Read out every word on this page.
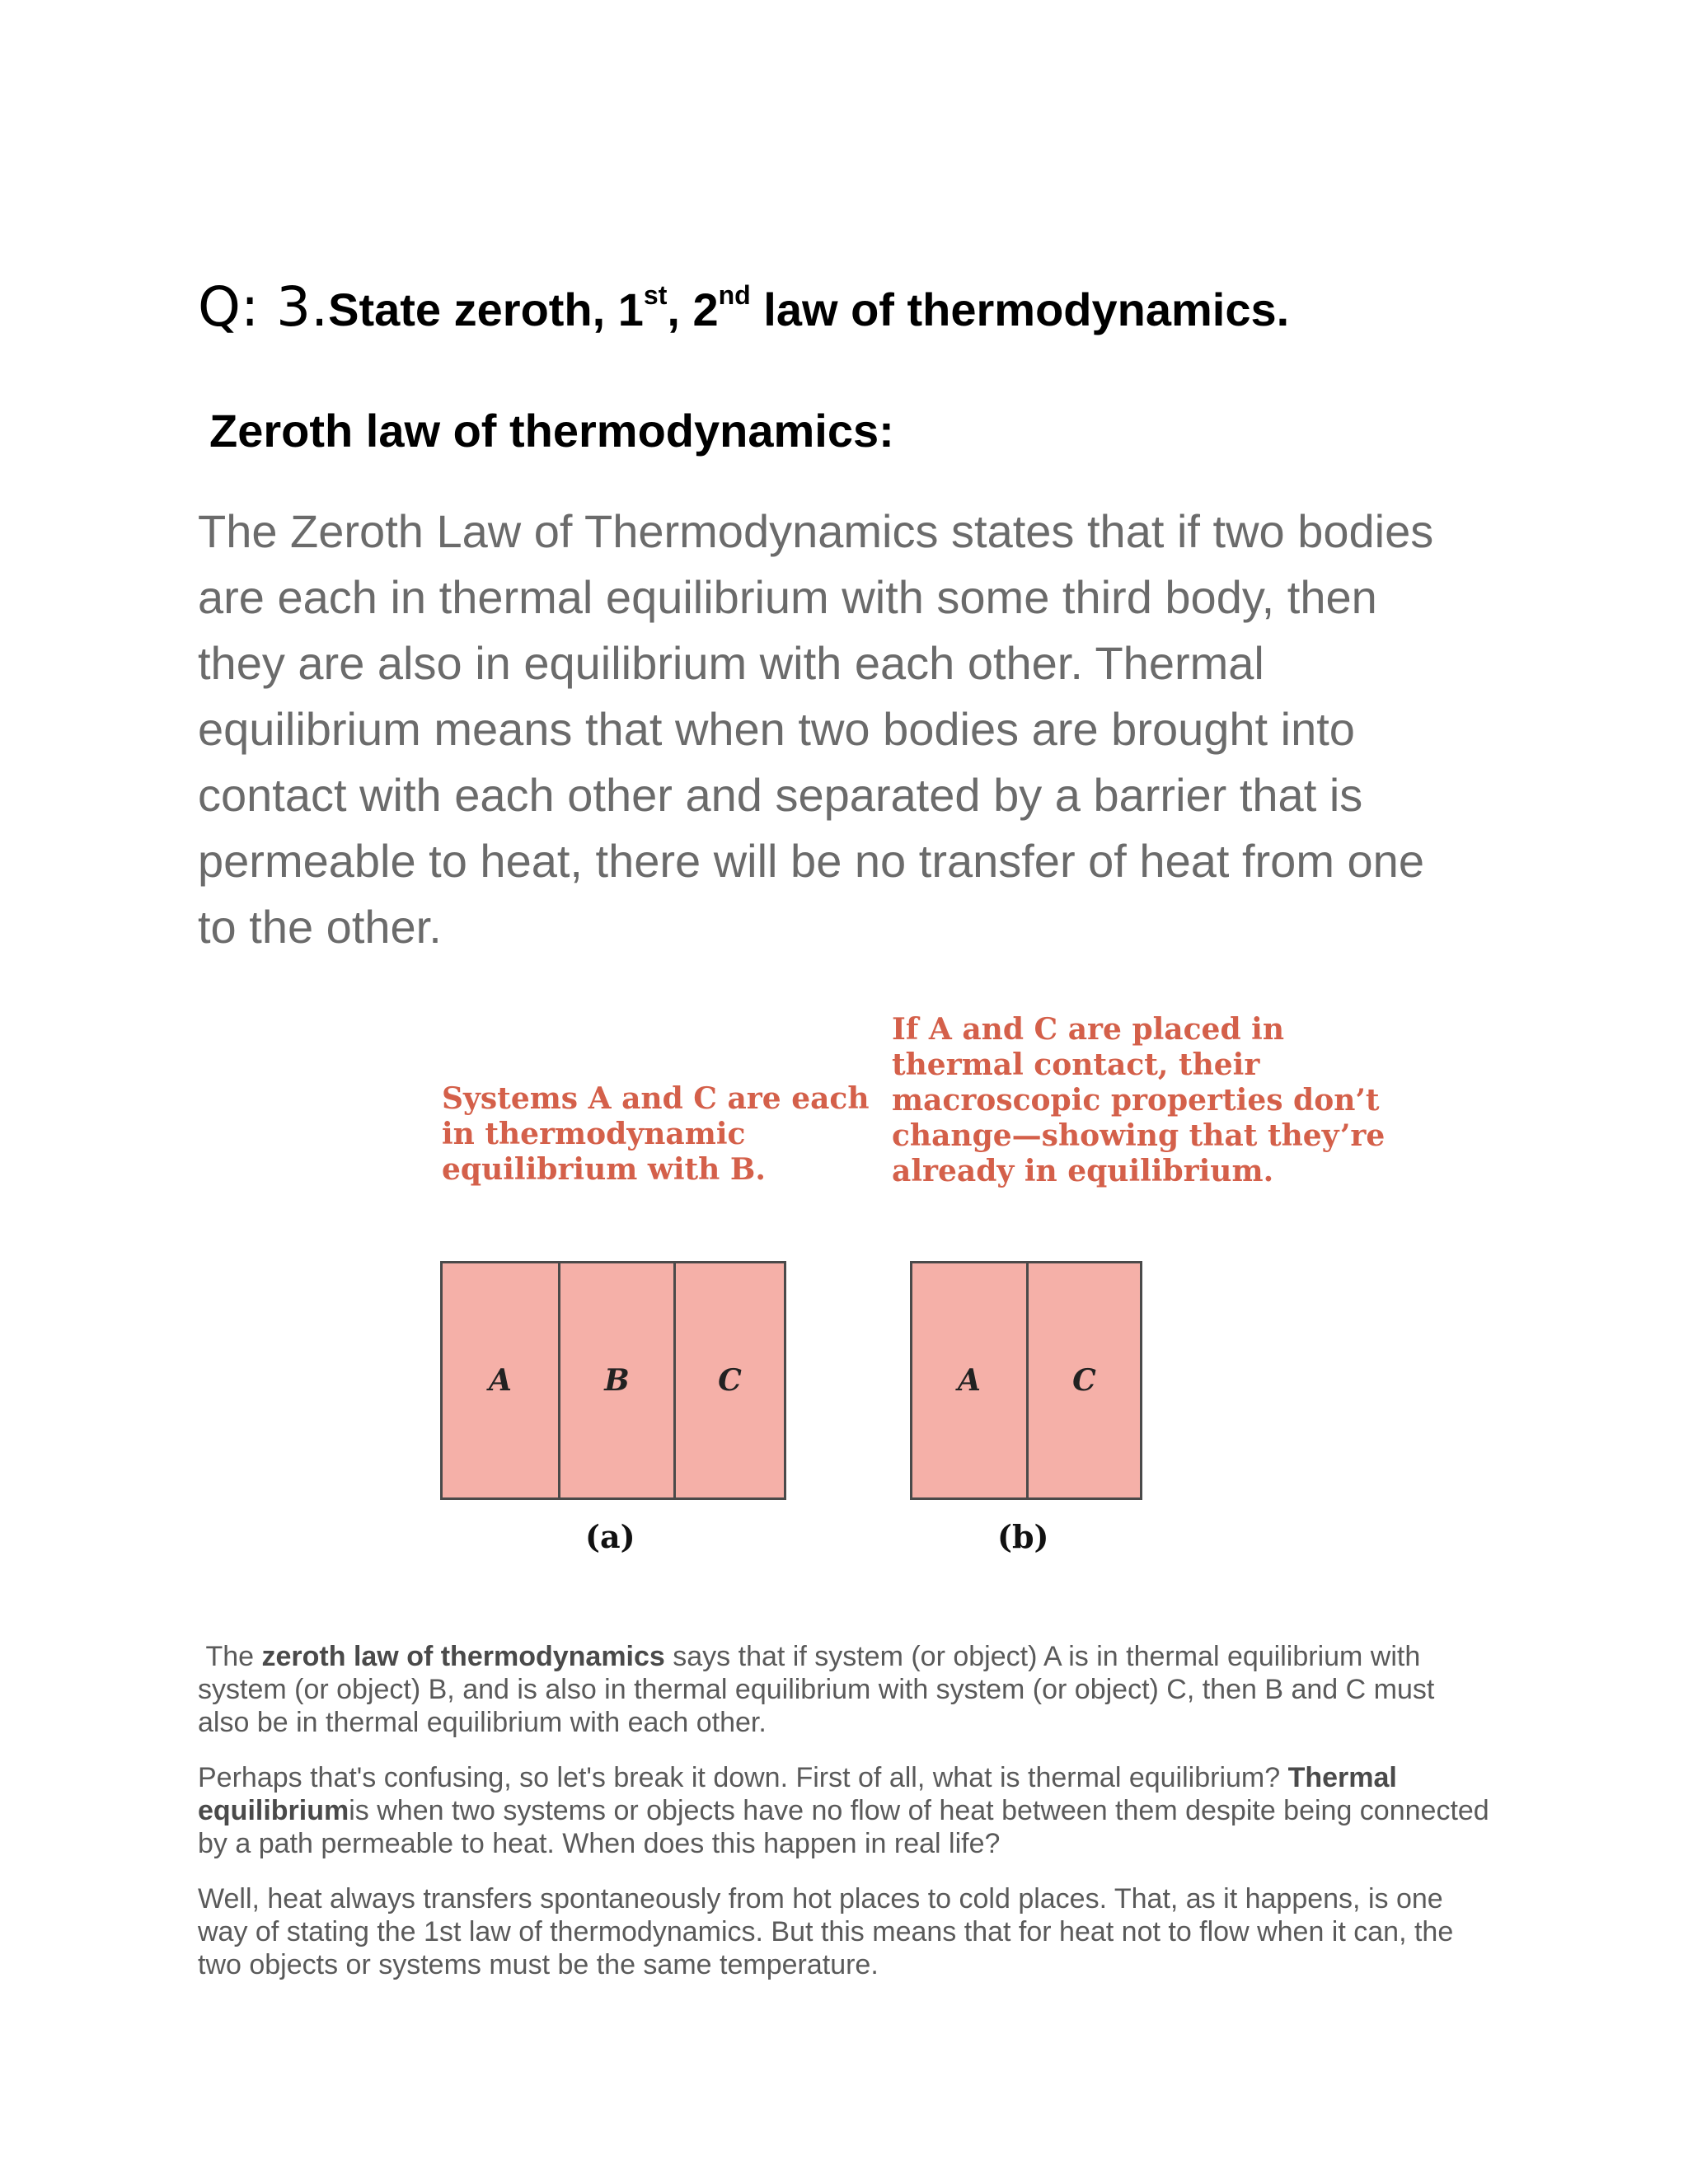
Q: 3.State zeroth, 1st, 2nd law of thermodynamics.
Zeroth law of thermodynamics:

The Zeroth Law of Thermodynamics states that if two bodies are each in thermal equilibrium with some third body, then they are also in equilibrium with each other. Thermal equilibrium means that when two bodies are brought into contact with each other and separated by a barrier that is permeable to heat, there will be no transfer of heat from one to the other.

Systems A and C are each in thermodynamic equilibrium with B.

If A and C are placed in thermal contact, their macroscopic properties don’t change—showing that they’re already in equilibrium.

A	B	C	A	C
(a)	(b)

The zeroth law of thermodynamics says that if system (or object) A is in thermal equilibrium with system (or object) B, and is also in thermal equilibrium with system (or object) C, then B and C must also be in thermal equilibrium with each other.

Perhaps that's confusing, so let's break it down. First of all, what is thermal equilibrium? Thermal equilibriumis when two systems or objects have no flow of heat between them despite being connected by a path permeable to heat. When does this happen in real life?

Well, heat always transfers spontaneously from hot places to cold places. That, as it happens, is one way of stating the 1st law of thermodynamics. But this means that for heat not to flow when it can, the two objects or systems must be the same temperature.
